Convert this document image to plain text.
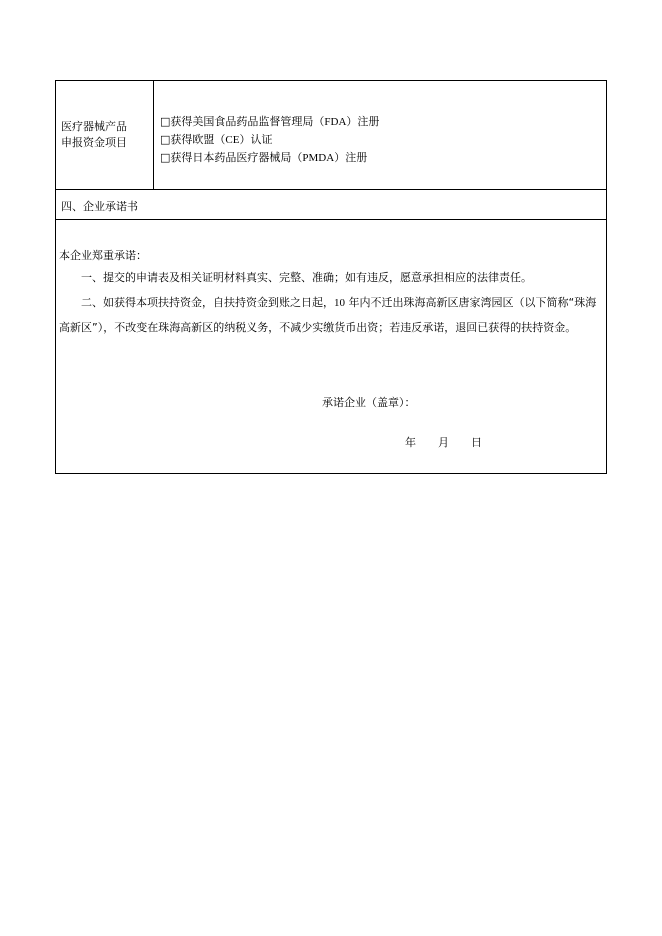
医疗器械产品
申报资金项目
□获得美国食品药品监督管理局（FDA）注册
□获得欧盟（CE）认证
□获得日本药品医疗器械局（PMDA）注册
四、企业承诺书
本企业郑重承诺：
一、提交的申请表及相关证明材料真实、完整、准确；如有违反，愿意承担相应的法律责任。
二、如获得本项扶持资金，自扶持资金到账之日起，10 年内不迁出珠海高新区唐家湾园区（以下简称“珠海高新区”），不改变在珠海高新区的纳税义务，不减少实缴货币出资；若违反承诺，退回已获得的扶持资金。
承诺企业（盖章）：
年 月 日
